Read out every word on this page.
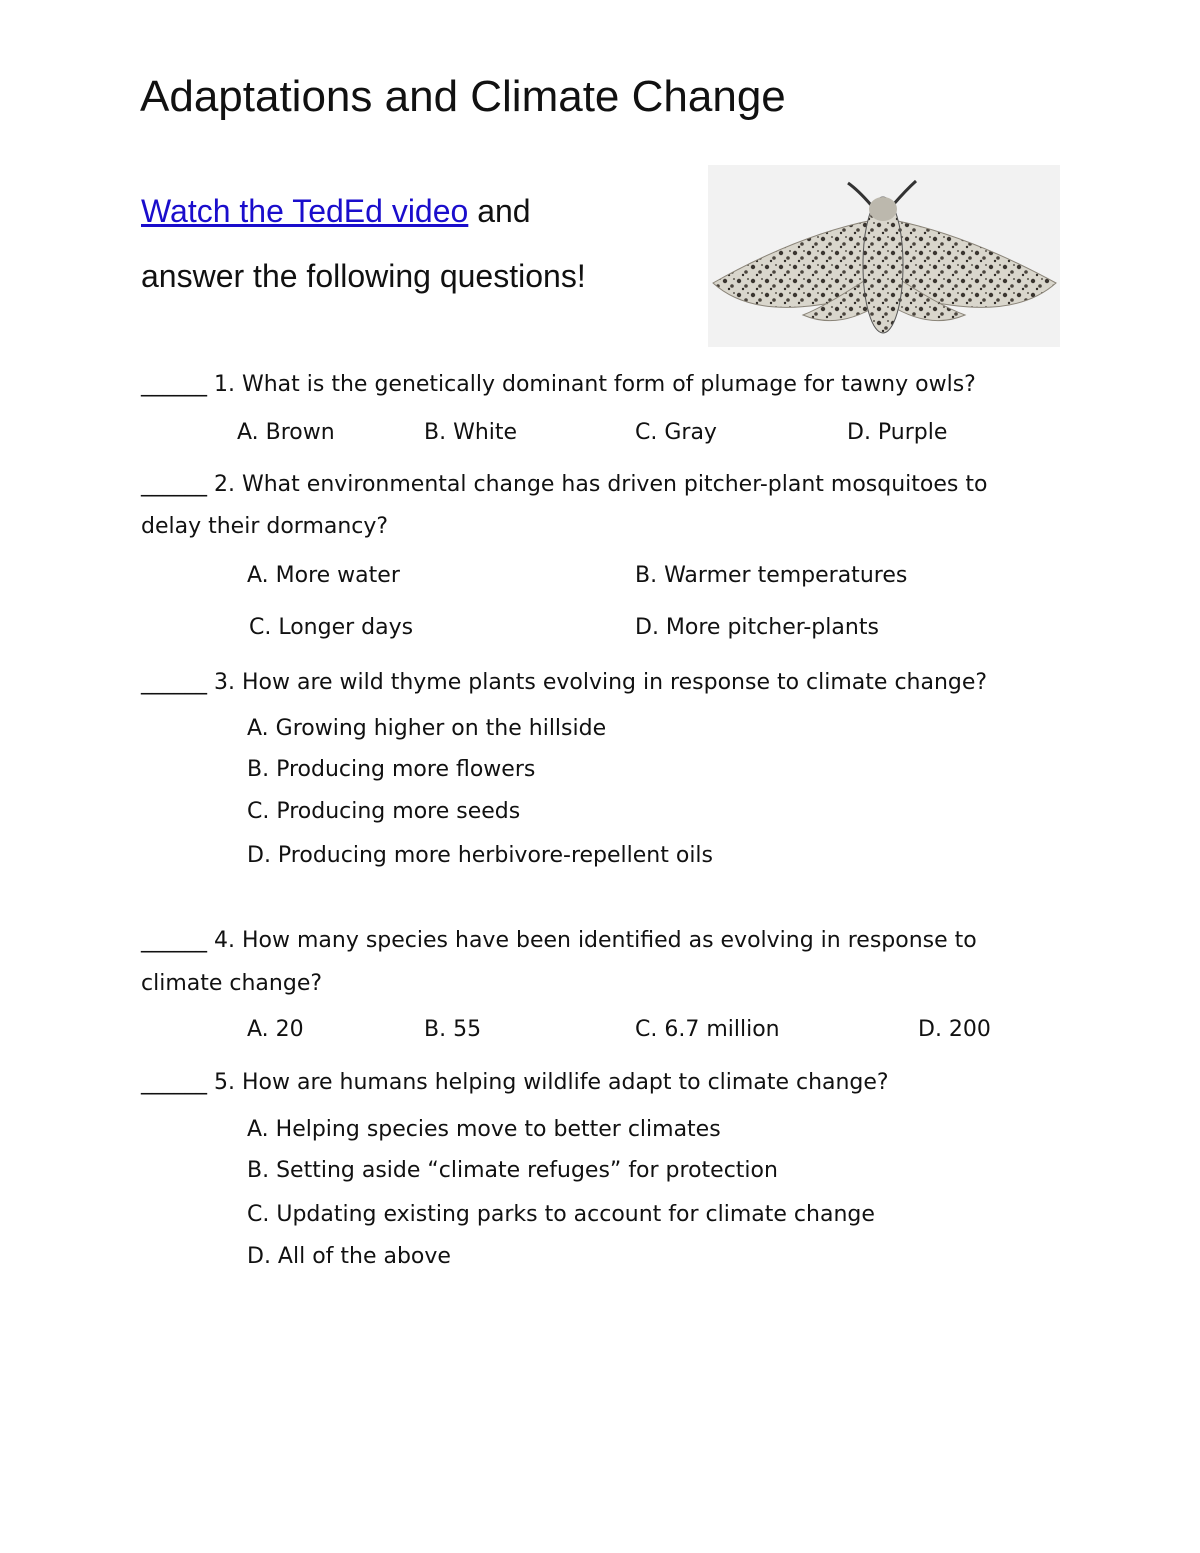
Adaptations and Climate Change
Watch the TedEd video and
answer the following questions!
______ 1. What is the genetically dominant form of plumage for tawny owls?
A. Brown	B. White	C. Gray	D. Purple
______ 2. What environmental change has driven pitcher-plant mosquitoes to
delay their dormancy?
A. More water	B. Warmer temperatures
C. Longer days	D. More pitcher-plants
______ 3. How are wild thyme plants evolving in response to climate change?
A. Growing higher on the hillside
B. Producing more flowers
C. Producing more seeds
D. Producing more herbivore-repellent oils
______ 4. How many species have been identified as evolving in response to
climate change?
A. 20	B. 55	C. 6.7 million	D. 200
______ 5. How are humans helping wildlife adapt to climate change?
A. Helping species move to better climates
B. Setting aside “climate refuges” for protection
C. Updating existing parks to account for climate change
D. All of the above
